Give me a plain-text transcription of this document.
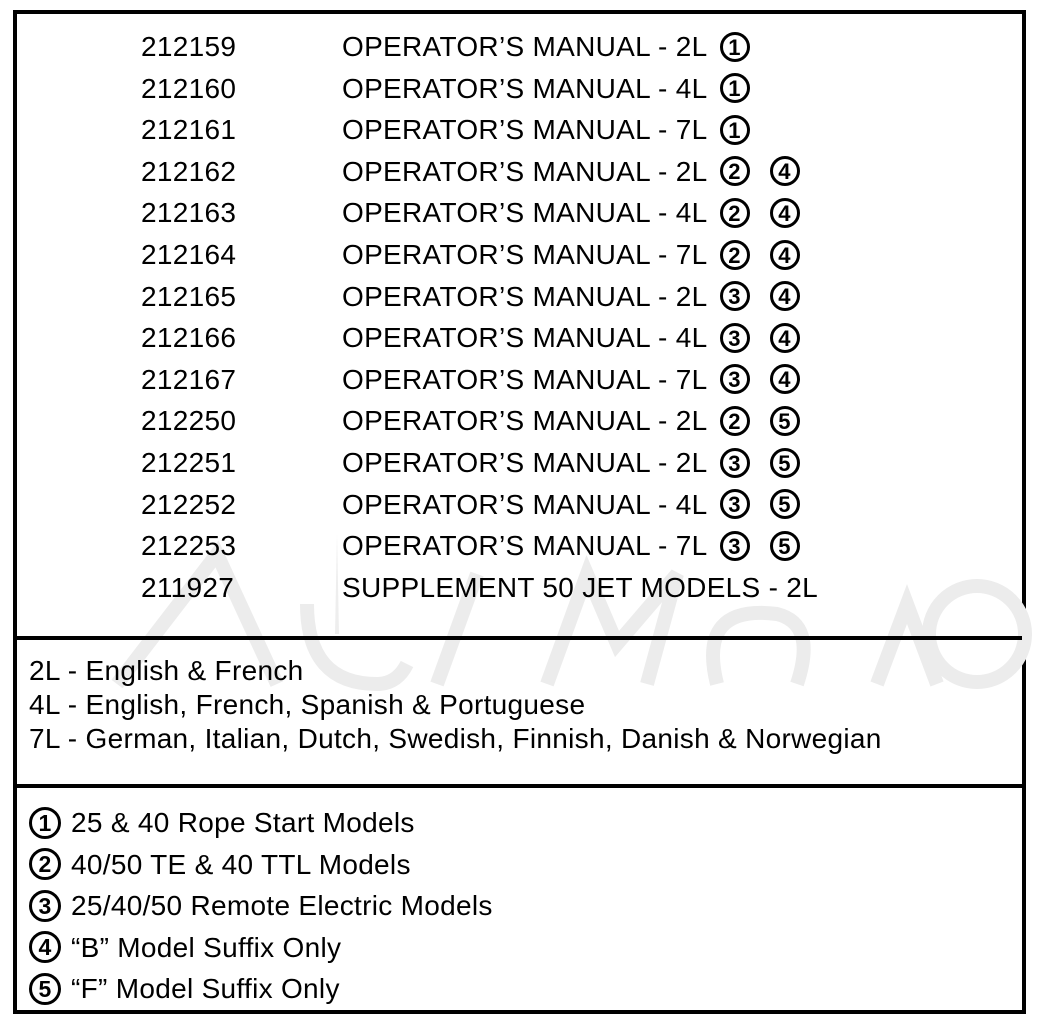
212159	OPERATOR’S MANUAL - 2L 1
212160	OPERATOR’S MANUAL - 4L 1
212161	OPERATOR’S MANUAL - 7L 1
212162	OPERATOR’S MANUAL - 2L 2 4
212163	OPERATOR’S MANUAL - 4L 2 4
212164	OPERATOR’S MANUAL - 7L 2 4
212165	OPERATOR’S MANUAL - 2L 3 4
212166	OPERATOR’S MANUAL - 4L 3 4
212167	OPERATOR’S MANUAL - 7L 3 4
212250	OPERATOR’S MANUAL - 2L 2 5
212251	OPERATOR’S MANUAL - 2L 3 5
212252	OPERATOR’S MANUAL - 4L 3 5
212253	OPERATOR’S MANUAL - 7L 3 5
211927	SUPPLEMENT 50 JET MODELS - 2L
2L - English & French
4L - English, French, Spanish & Portuguese
7L - German, Italian, Dutch, Swedish, Finnish, Danish & Norwegian
1 25 & 40 Rope Start Models
2 40/50 TE & 40 TTL Models
3 25/40/50 Remote Electric Models
4 “B” Model Suffix Only
5 “F” Model Suffix Only
